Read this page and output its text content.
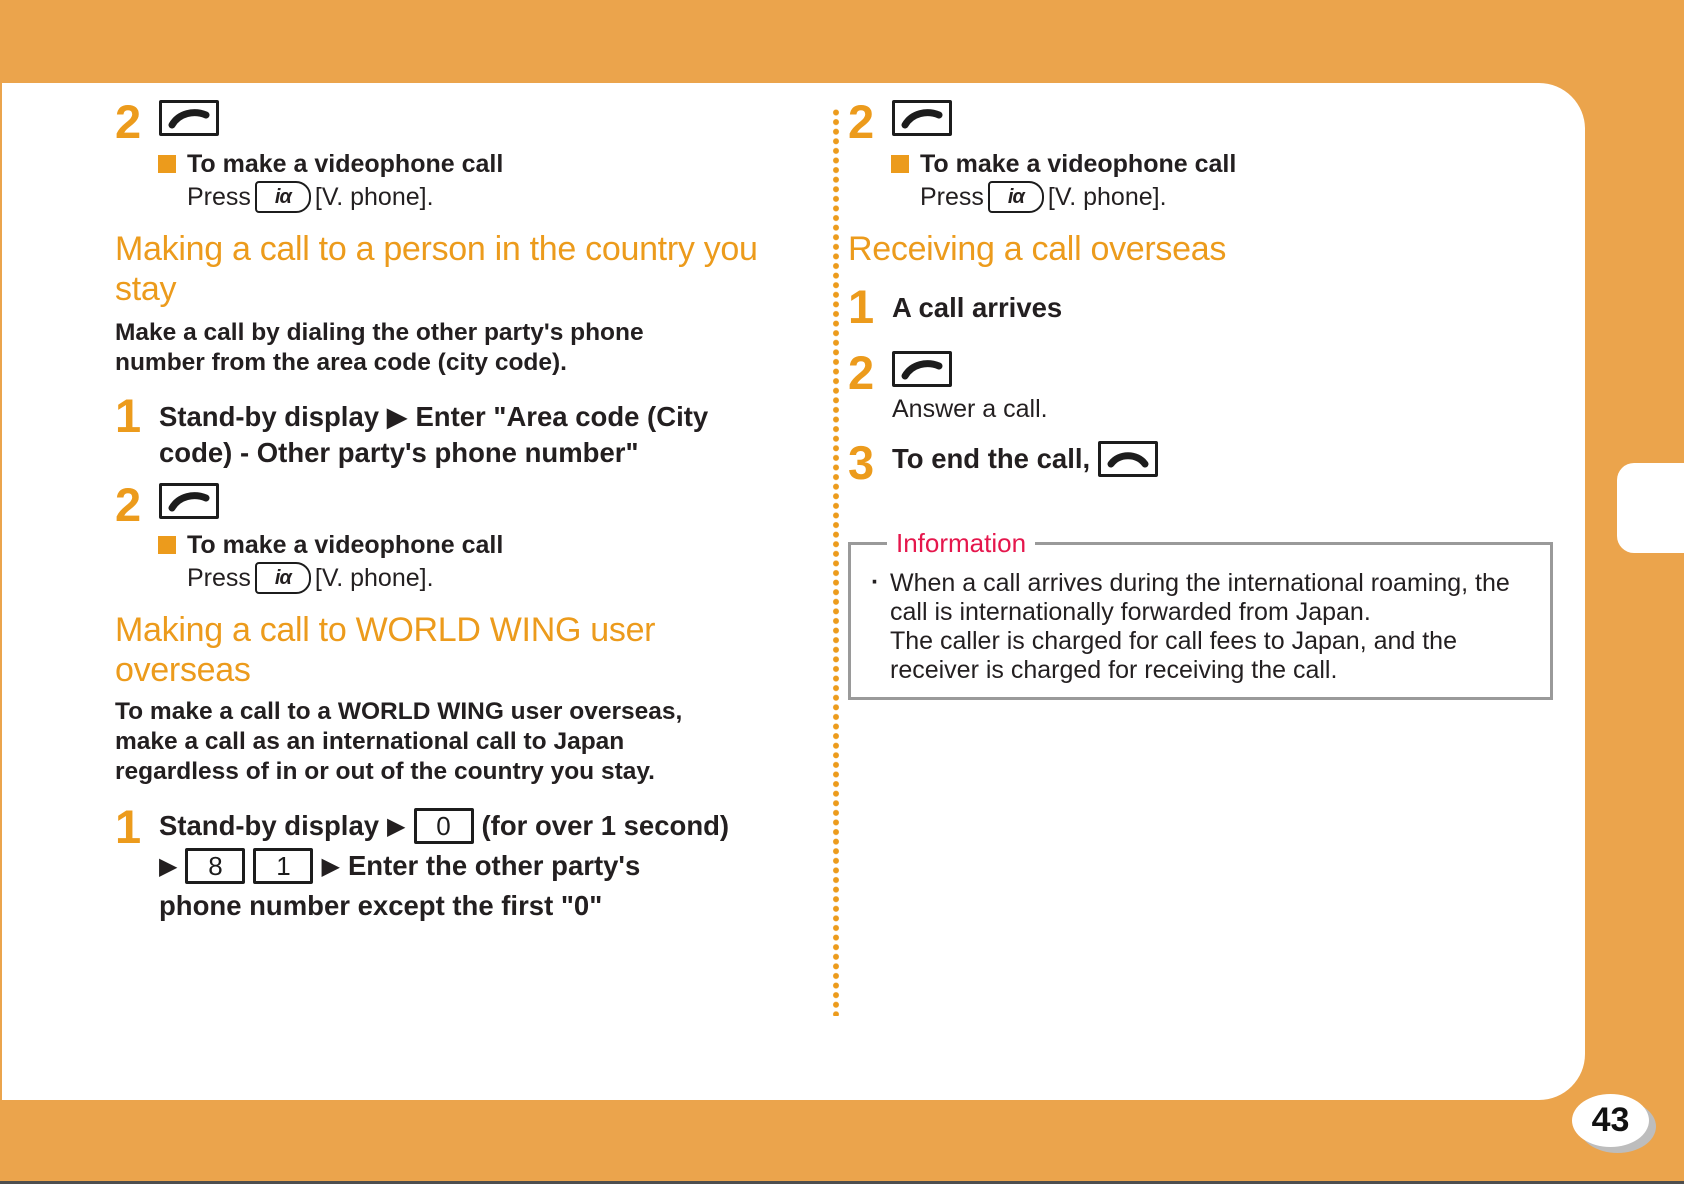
2
To make a videophone call
Press iα [V. phone].
Making a call to a person in the country you stay
Make a call by dialing the other party's phone number from the area code (city code).
1 Stand-by display ▶ Enter "Area code (City code) - Other party's phone number"
2
To make a videophone call
Press iα [V. phone].
Making a call to WORLD WING user overseas
To make a call to a WORLD WING user overseas, make a call as an international call to Japan regardless of in or out of the country you stay.
1 Stand-by display ▶ 0 (for over 1 second)
▶ 8 1 ▶ Enter the other party's
phone number except the first "0"
2
To make a videophone call
Press iα [V. phone].
Receiving a call overseas
1 A call arrives
2
Answer a call.
3 To end the call,
Information
· When a call arrives during the international roaming, the call is internationally forwarded from Japan.
The caller is charged for call fees to Japan, and the receiver is charged for receiving the call.
43
